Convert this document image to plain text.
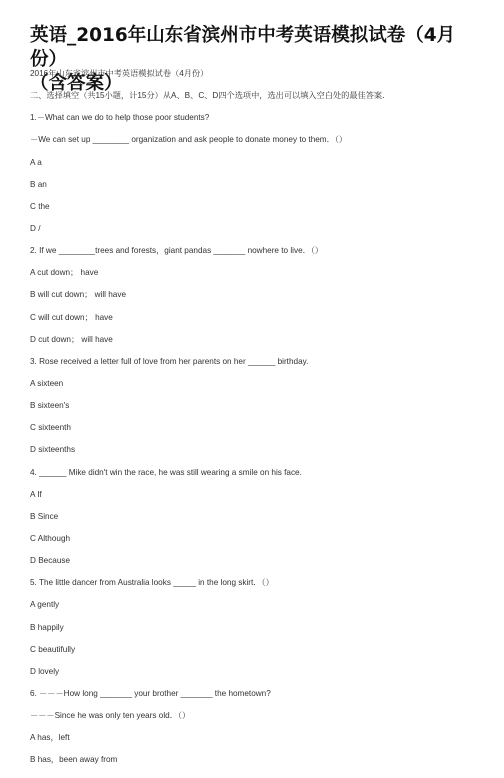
英语_2016年山东省滨州市中考英语模拟试卷（4月份）
（含答案）
2016年山东省滨州市中考英语模拟试卷（4月份）
二、选择填空（共15小题，计15分）从A、B、C、D四个选项中，选出可以填入空白处的最佳答案．
1.－What can we do to help those poor students?
－We can set up ________ organization and ask people to donate money to them．（）
A a
B an
C the
D /
2. If we ________trees and forests，giant pandas _______ nowhere to live．（）
A cut down； have
B will cut down； will have
C will cut down； have
D cut down； will have
3. Rose received a letter full of love from her parents on her ______ birthday.
A sixteen
B sixteen's
C sixteenth
D sixteenths
4. ______ Mike didn't win the race, he was still wearing a smile on his face.
A If
B Since
C Although
D Because
5. The little dancer from Australia looks _____ in the long skirt．（）
A gently
B happily
C beautifully
D lovely
6. －－－How long _______ your brother _______ the hometown?
－－－Since he was only ten years old．（）
A has，left
B has，been away from
